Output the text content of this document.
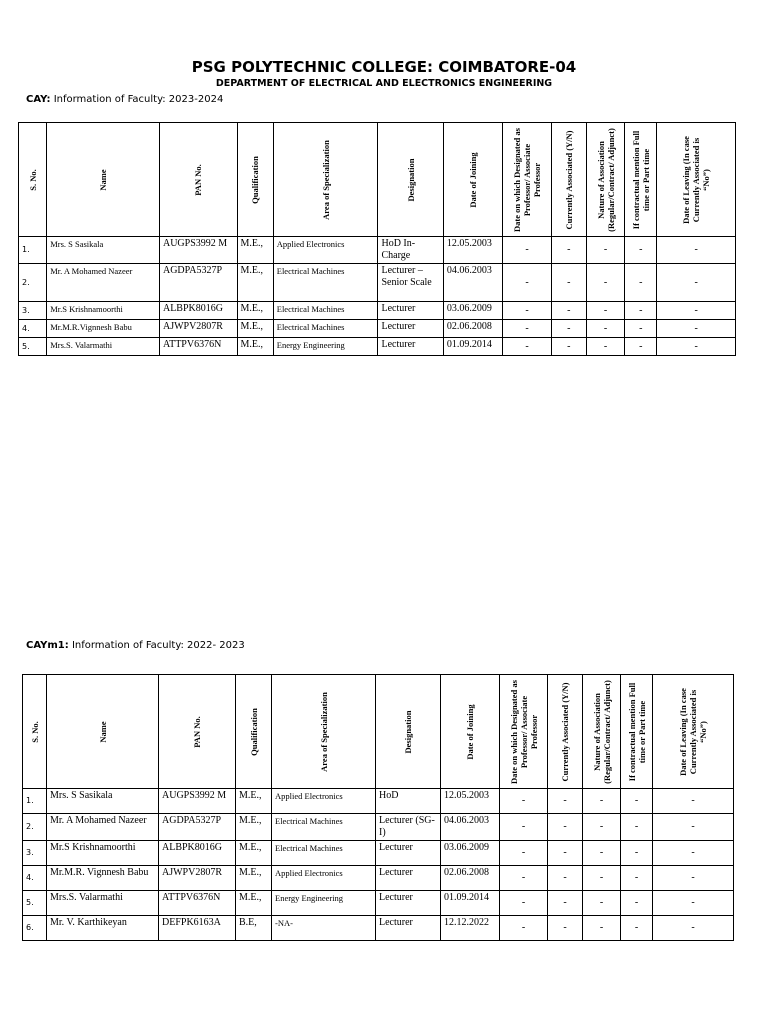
PSG POLYTECHNIC COLLEGE: COIMBATORE-04
DEPARTMENT OF ELECTRICAL AND ELECTRONICS ENGINEERING
CAY: Information of Faculty: 2023-2024
S. No.	Name	PAN No.	Qualification	Area of Specialization	Designation	Date of Joining	Date on which Designated as Professor/ Associate Professor	Currently Associated (Y/N)	Nature of Association (Regular/Contract/ Adjunct)	If contractual mention Full time or Part time	Date of Leaving (In case Currently Associated is “No”)

1.	Mrs. S Sasikala	AUGPS3992 M	M.E.,	Applied Electronics	HoD In-Charge	12.05.2003	-	-	-	-	-
2.	Mr. A Mohamed Nazeer	AGDPA5327P	M.E.,	Electrical Machines	Lecturer – Senior Scale	04.06.2003	-	-	-	-	-
3.	Mr.S Krishnamoorthi	ALBPK8016G	M.E.,	Electrical Machines	Lecturer	03.06.2009	-	-	-	-	-
4.	Mr.M.R.Vignnesh Babu	AJWPV2807R	M.E.,	Electrical Machines	Lecturer	02.06.2008	-	-	-	-	-
5.	Mrs.S. Valarmathi	ATTPV6376N	M.E.,	Energy Engineering	Lecturer	01.09.2014	-	-	-	-	-
CAYm1: Information of Faculty: 2022- 2023
S. No.	Name	PAN No.	Qualification	Area of Specialization	Designation	Date of Joining	Date on which Designated as Professor/ Associate Professor	Currently Associated (Y/N)	Nature of Association (Regular/Contract/ Adjunct)	If contractual mention Full time or Part time	Date of Leaving (In case Currently Associated is “No”)

1.	Mrs. S Sasikala	AUGPS3992 M	M.E.,	Applied Electronics	HoD	12.05.2003	-	-	-	-	-
2.	Mr. A Mohamed Nazeer	AGDPA5327P	M.E.,	Electrical Machines	Lecturer (SG-I)	04.06.2003	-	-	-	-	-
3.	Mr.S Krishnamoorthi	ALBPK8016G	M.E.,	Electrical Machines	Lecturer	03.06.2009	-	-	-	-	-
4.	Mr.M.R. Vignnesh Babu	AJWPV2807R	M.E.,	Applied Electronics	Lecturer	02.06.2008	-	-	-	-	-
5.	Mrs.S. Valarmathi	ATTPV6376N	M.E.,	Energy Engineering	Lecturer	01.09.2014	-	-	-	-	-
6.	Mr. V. Karthikeyan	DEFPK6163A	B.E,	-NA-	Lecturer	12.12.2022	-	-	-	-	-
